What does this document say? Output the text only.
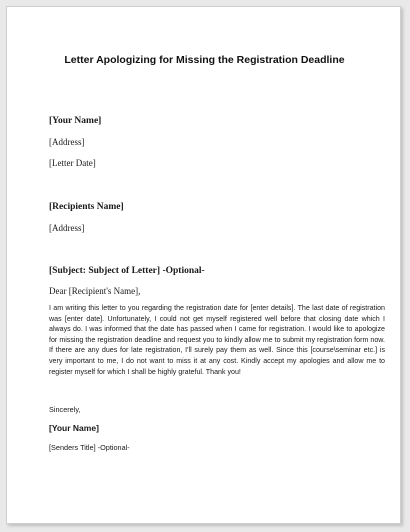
Letter Apologizing for Missing the Registration Deadline
[Your Name]
[Address]
[Letter Date]
[Recipients Name]
[Address]
[Subject: Subject of Letter] -Optional-
Dear [Recipient's Name],
I am writing this letter to you regarding the registration date for [enter details]. The last date of registration was [enter date]. Unfortunately, I could not get myself registered well before that closing date which I always do. I was informed that the date has passed when I came for registration. I would like to apologize for missing the registration deadline and request you to kindly allow me to submit my registration form now. If there are any dues for late registration, I'll surely pay them as well. Since this [course\seminar etc.] is very important to me, I do not want to miss it at any cost. Kindly accept my apologies and allow me to register myself for which I shall be highly grateful. Thank you!
Sincerely,
[Your Name]
[Senders Title] -Optional-
